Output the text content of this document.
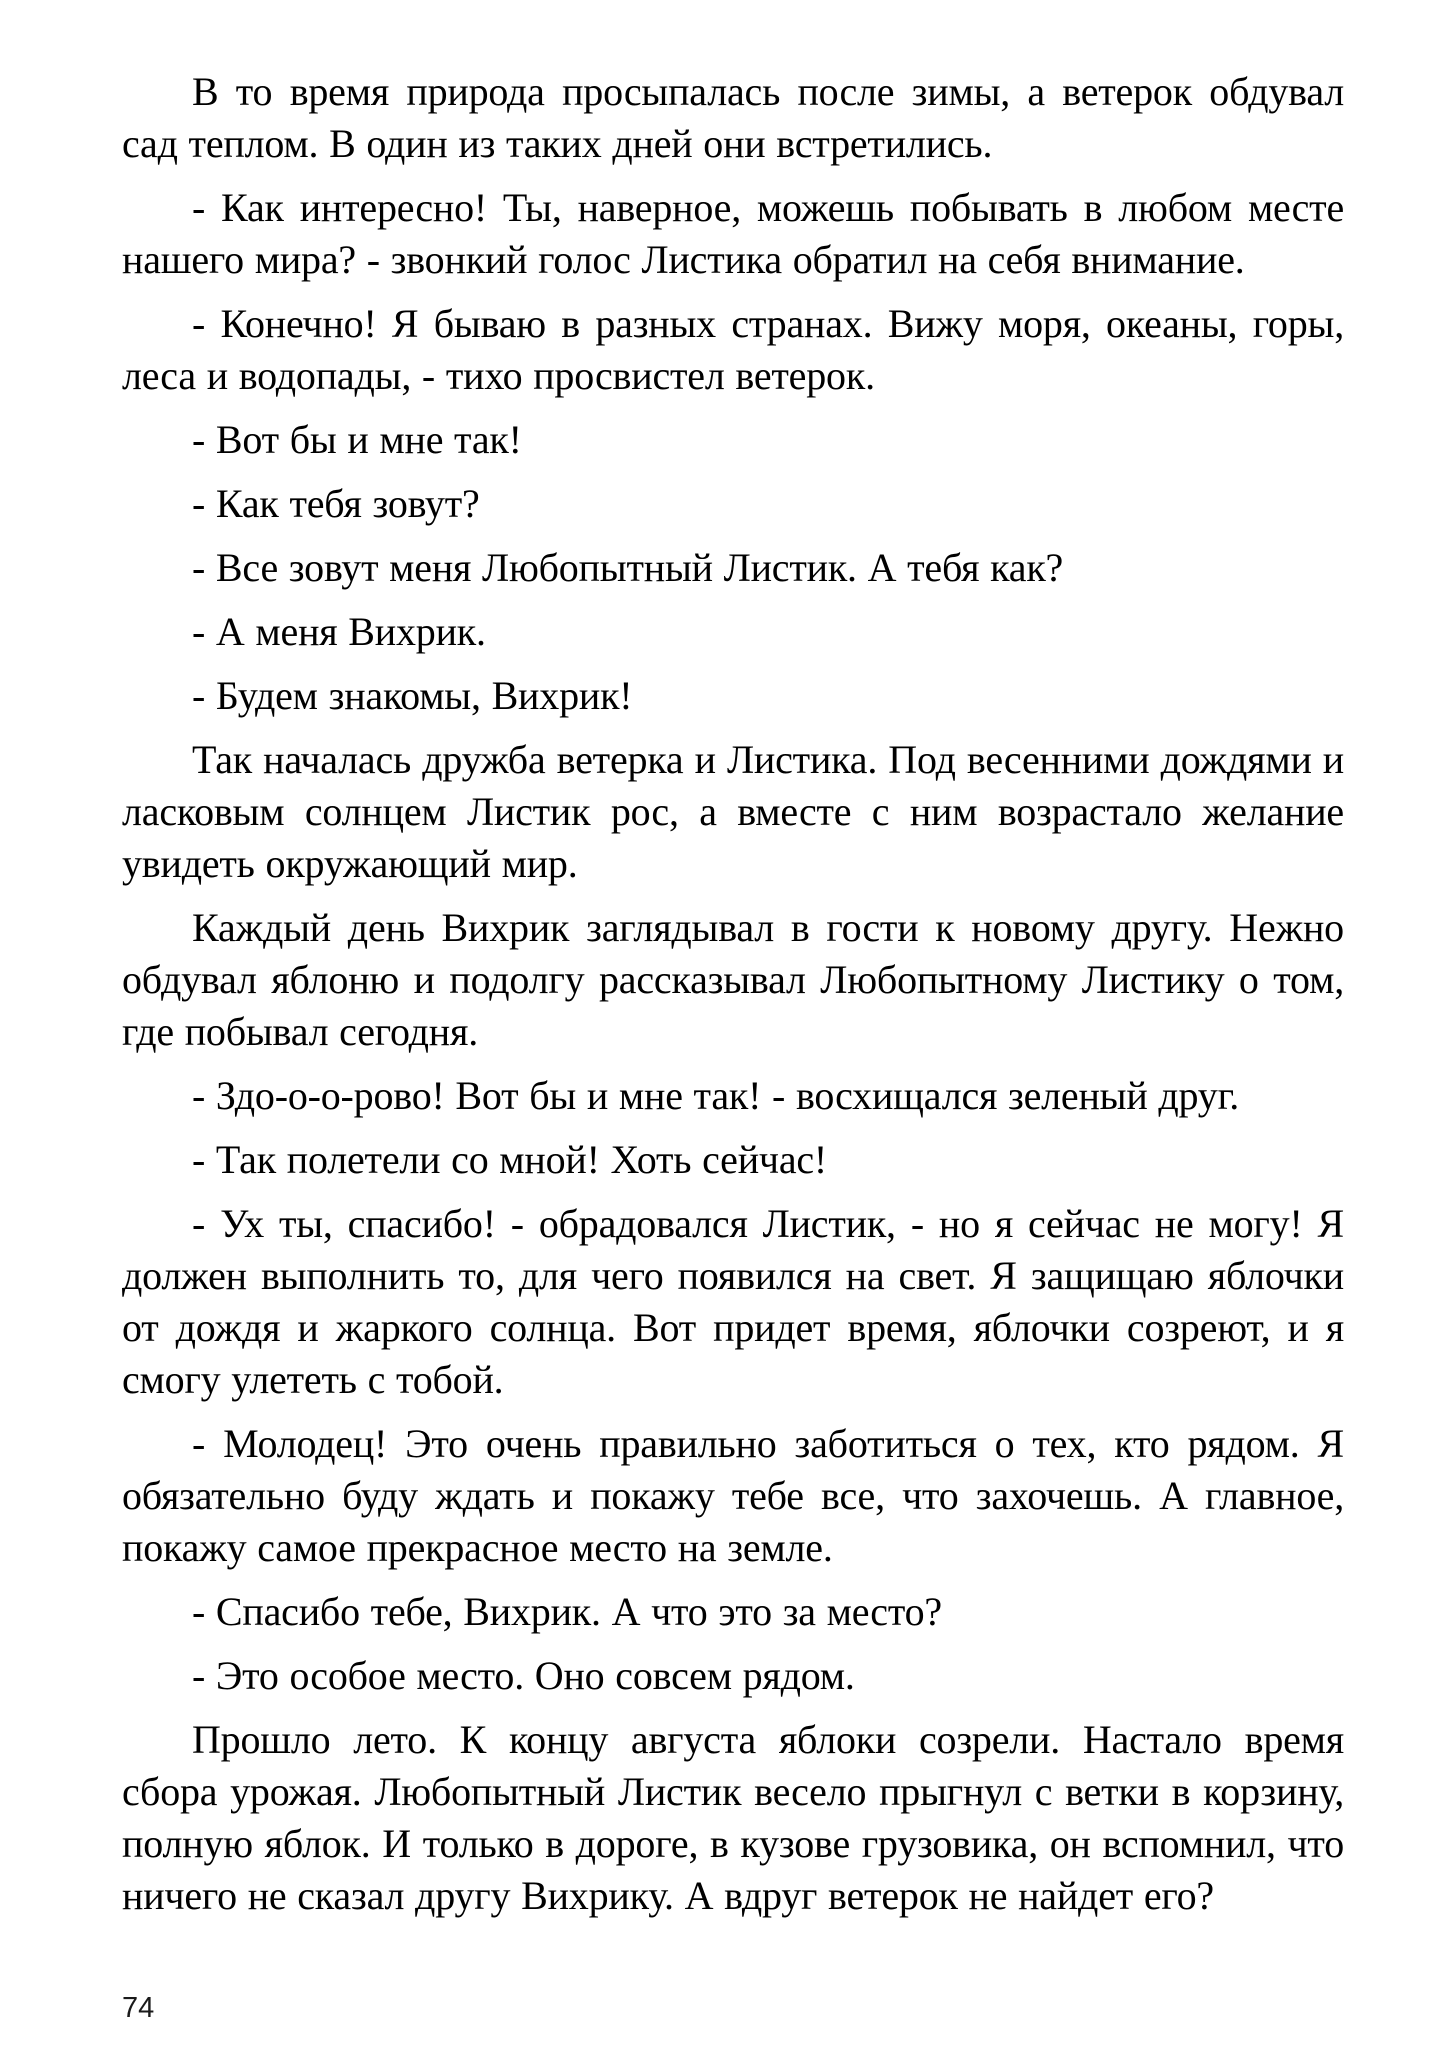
В то время природа просыпалась после зимы, а ветерок обдувал сад теплом. В один из таких дней они встретились.

- Как интересно! Ты, наверное, можешь побывать в любом месте нашего мира? - звонкий голос Листика обратил на себя внимание.

- Конечно! Я бываю в разных странах. Вижу моря, океаны, горы, леса и водопады, - тихо просвистел ветерок.

- Вот бы и мне так!

- Как тебя зовут?

- Все зовут меня Любопытный Листик. А тебя как?

- А меня Вихрик.

- Будем знакомы, Вихрик!

Так началась дружба ветерка и Листика. Под весенними дождями и ласковым солнцем Листик рос, а вместе с ним возрастало желание увидеть окружающий мир.

Каждый день Вихрик заглядывал в гости к новому другу. Нежно обдувал яблоню и подолгу рассказывал Любопытному Листику о том, где побывал сегодня.

- Здо-о-о-рово! Вот бы и мне так! - восхищался зеленый друг.

- Так полетели со мной! Хоть сейчас!

- Ух ты, спасибо! - обрадовался Листик, - но я сейчас не могу! Я должен выполнить то, для чего появился на свет. Я защищаю яблочки от дождя и жаркого солнца. Вот придет время, яблочки созреют, и я смогу улететь с тобой.

- Молодец! Это очень правильно заботиться о тех, кто рядом. Я обязательно буду ждать и покажу тебе все, что захочешь. А главное, покажу самое прекрасное место на земле.

- Спасибо тебе, Вихрик. А что это за место?

- Это особое место. Оно совсем рядом.

Прошло лето. К концу августа яблоки созрели. Настало время сбора урожая. Любопытный Листик весело прыгнул с ветки в корзину, полную яблок. И только в дороге, в кузове грузовика, он вспомнил, что ничего не сказал другу Вихрику. А вдруг ветерок не найдет его?

74
